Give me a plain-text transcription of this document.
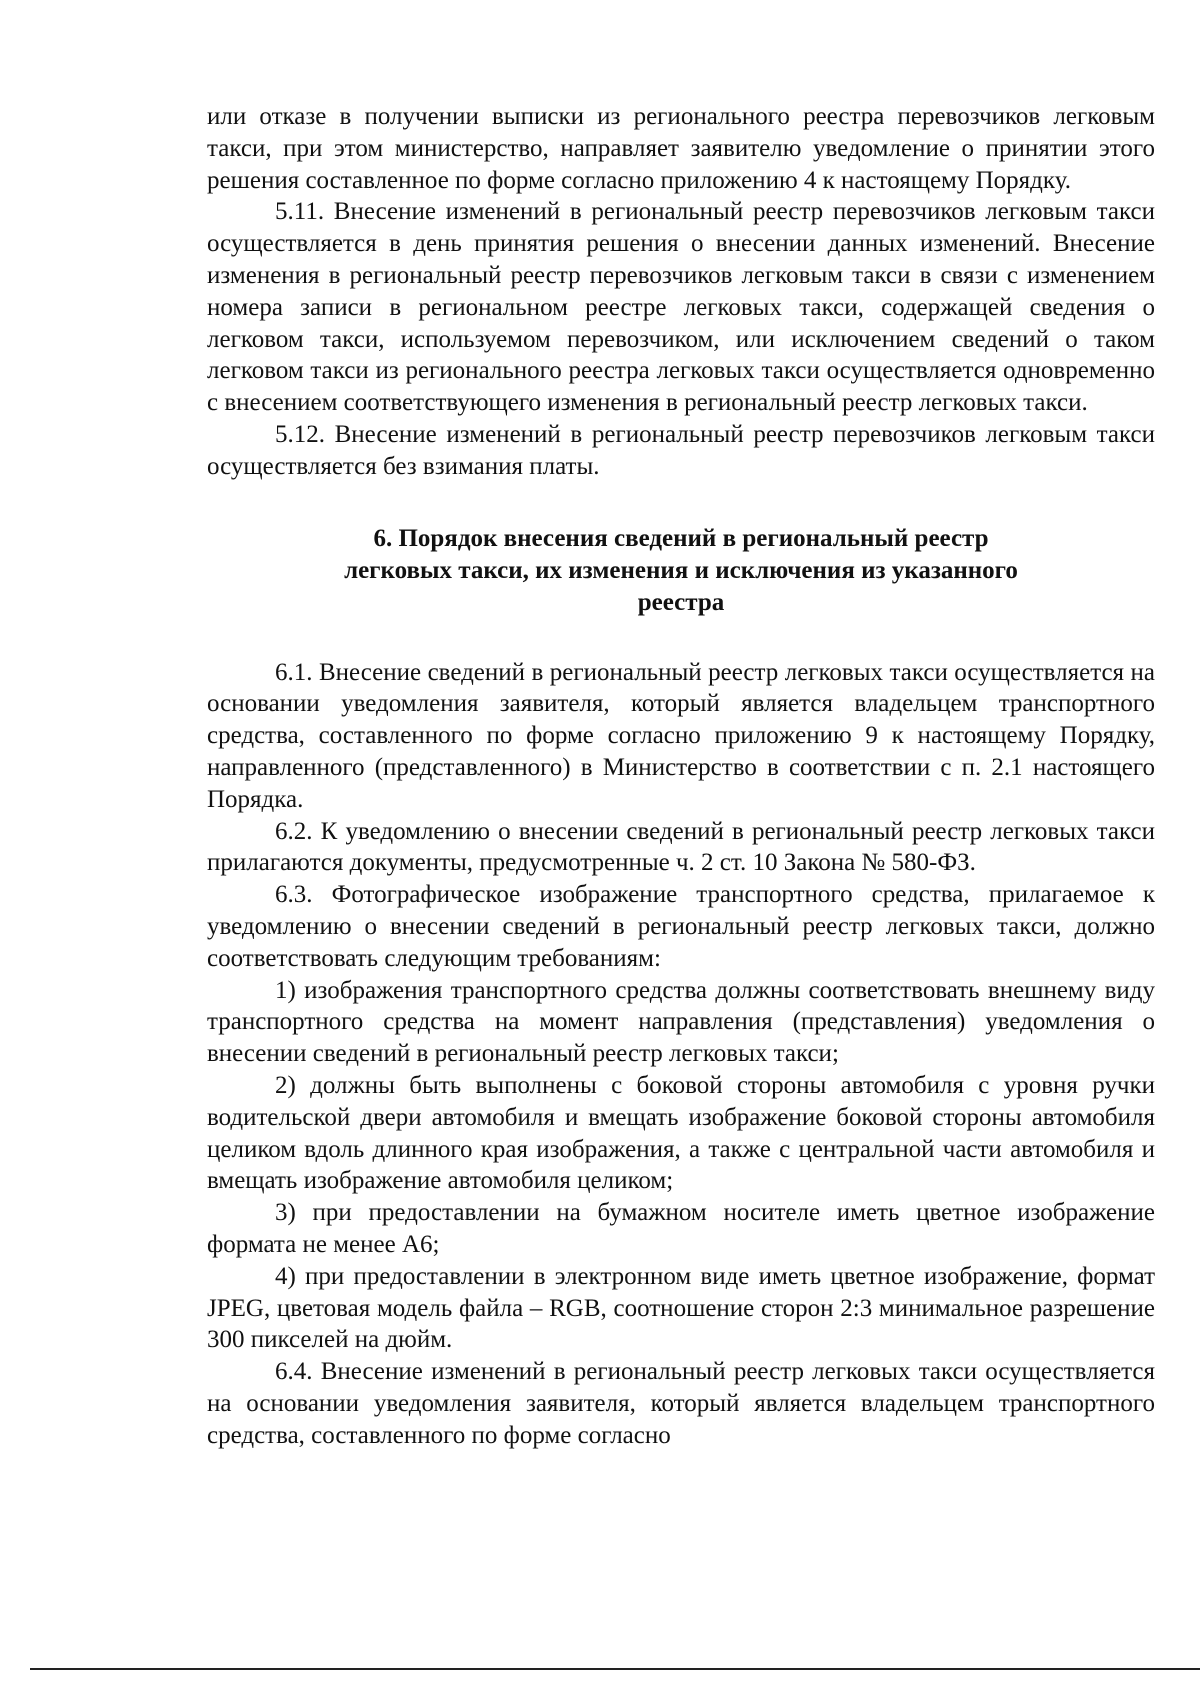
или отказе в получении выписки из регионального реестра перевозчиков легковым такси, при этом министерство, направляет заявителю уведомление о принятии этого решения составленное по форме согласно приложению 4 к настоящему Порядку.

5.11. Внесение изменений в региональный реестр перевозчиков легковым такси осуществляется в день принятия решения о внесении данных изменений. Внесение изменения в региональный реестр перевозчиков легковым такси в связи с изменением номера записи в региональном реестре легковых такси, содержащей сведения о легковом такси, используемом перевозчиком, или исключением сведений о таком легковом такси из регионального реестра легковых такси осуществляется одновременно с внесением соответствующего изменения в региональный реестр легковых такси.

5.12. Внесение изменений в региональный реестр перевозчиков легковым такси осуществляется без взимания платы.

6. Порядок внесения сведений в региональный реестр
легковых такси, их изменения и исключения из указанного
реестра

6.1. Внесение сведений в региональный реестр легковых такси осуществляется на основании уведомления заявителя, который является владельцем транспортного средства, составленного по форме согласно приложению 9 к настоящему Порядку, направленного (представленного) в Министерство в соответствии с п. 2.1 настоящего Порядка.

6.2. К уведомлению о внесении сведений в региональный реестр легковых такси прилагаются документы, предусмотренные ч. 2 ст. 10 Закона № 580-ФЗ.

6.3. Фотографическое изображение транспортного средства, прилагаемое к уведомлению о внесении сведений в региональный реестр легковых такси, должно соответствовать следующим требованиям:

1) изображения транспортного средства должны соответствовать внешнему виду транспортного средства на момент направления (представления) уведомления о внесении сведений в региональный реестр легковых такси;

2) должны быть выполнены с боковой стороны автомобиля с уровня ручки водительской двери автомобиля и вмещать изображение боковой стороны автомобиля целиком вдоль длинного края изображения, а также с центральной части автомобиля и вмещать изображение автомобиля целиком;

3) при предоставлении на бумажном носителе иметь цветное изображение формата не менее А6;

4) при предоставлении в электронном виде иметь цветное изображение, формат JPEG, цветовая модель файла – RGB, соотношение сторон 2:3 минимальное разрешение 300 пикселей на дюйм.

6.4. Внесение изменений в региональный реестр легковых такси осуществляется на основании уведомления заявителя, который является владельцем транспортного средства, составленного по форме согласно
